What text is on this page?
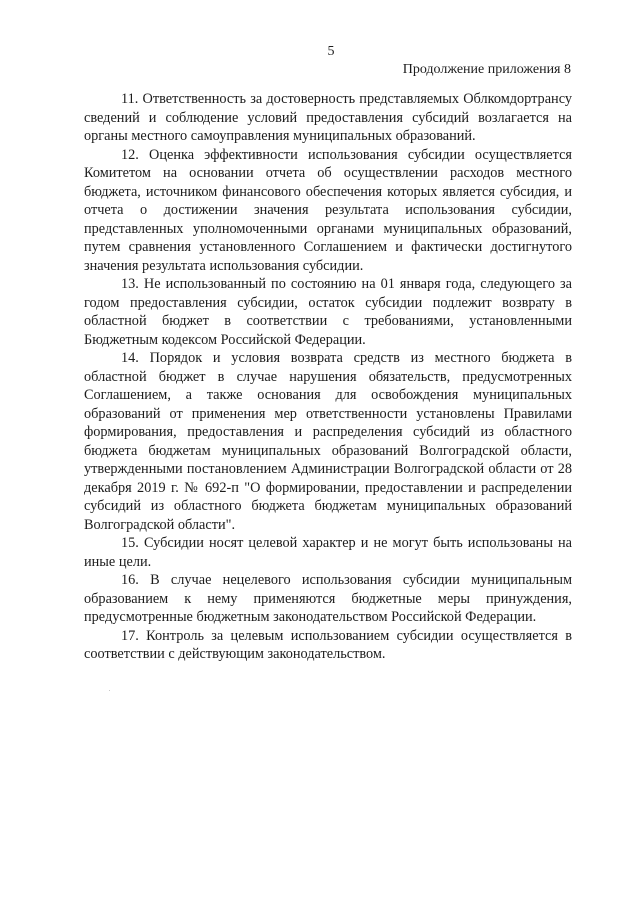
5
Продолжение приложения 8

11. Ответственность за достоверность представляемых Облкомдортрансу сведений и соблюдение условий предоставления субсидий возлагается на органы местного самоуправления муниципальных образований.

12. Оценка эффективности использования субсидии осуществляется Комитетом на основании отчета об осуществлении расходов местного бюджета, источником финансового обеспечения которых является субсидия, и отчета о достижении значения результата использования субсидии, представленных уполномоченными органами муниципальных образований, путем сравнения установленного Соглашением и фактически достигнутого значения результата использования субсидии.

13. Не использованный по состоянию на 01 января года, следующего за годом предоставления субсидии, остаток субсидии подлежит возврату в областной бюджет в соответствии с требованиями, установленными Бюджетным кодексом Российской Федерации.

14. Порядок и условия возврата средств из местного бюджета в областной бюджет в случае нарушения обязательств, предусмотренных Соглашением, а также основания для освобождения муниципальных образований от применения мер ответственности установлены Правилами формирования, предоставления и распределения субсидий из областного бюджета бюджетам муниципальных образований Волгоградской области, утвержденными постановлением Администрации Волгоградской области от 28 декабря 2019 г. № 692-п "О формировании, предоставлении и распределении субсидий из областного бюджета бюджетам муниципальных образований Волгоградской области".

15. Субсидии носят целевой характер и не могут быть использованы на иные цели.

16. В случае нецелевого использования субсидии муниципальным образованием к нему применяются бюджетные меры принуждения, предусмотренные бюджетным законодательством Российской Федерации.

17. Контроль за целевым использованием субсидии осуществляется в соответствии с действующим законодательством.
